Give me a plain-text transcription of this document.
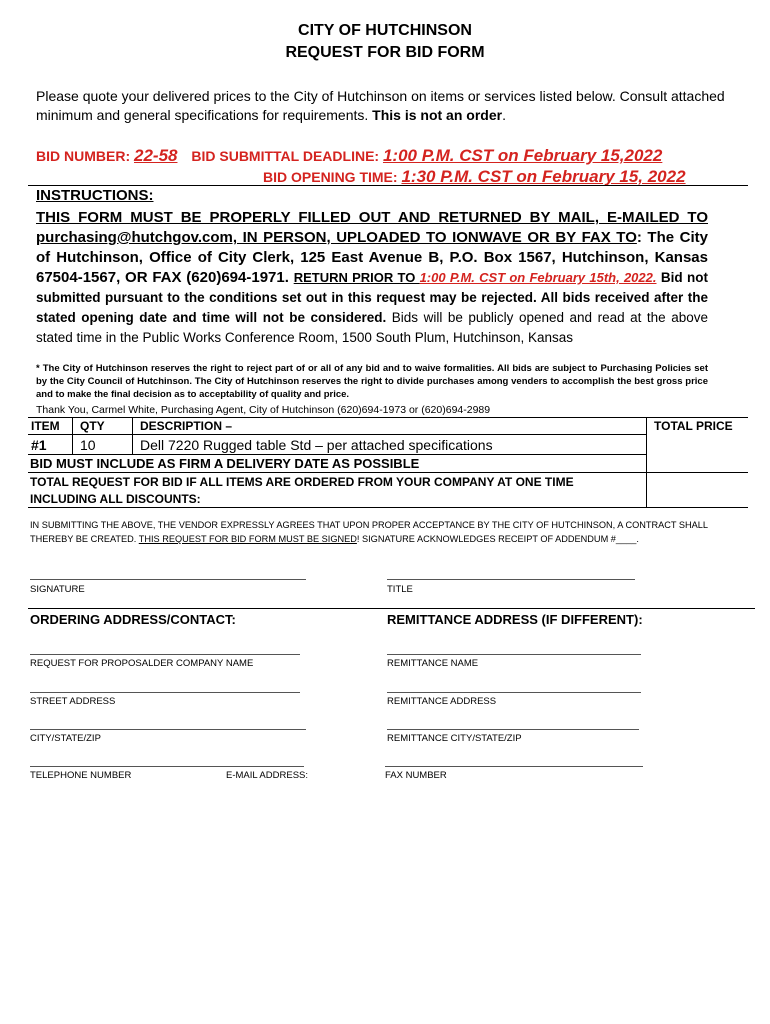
CITY OF HUTCHINSON
REQUEST FOR BID FORM
Please quote your delivered prices to the City of Hutchinson on items or services listed below. Consult attached minimum and general specifications for requirements. This is not an order.
BID NUMBER: 22-58 BID SUBMITTAL DEADLINE: 1:00 P.M. CST on February 15,2022
BID OPENING TIME: 1:30 P.M. CST on February 15, 2022
INSTRUCTIONS:
THIS FORM MUST BE PROPERLY FILLED OUT AND RETURNED BY MAIL, E-MAILED TO purchasing@hutchgov.com, IN PERSON, UPLOADED TO IONWAVE OR BY FAX TO: The City of Hutchinson, Office of City Clerk, 125 East Avenue B, P.O. Box 1567, Hutchinson, Kansas 67504-1567, OR FAX (620)694-1971. RETURN PRIOR TO 1:00 P.M. CST on February 15th, 2022. Bid not submitted pursuant to the conditions set out in this request may be rejected. All bids received after the stated opening date and time will not be considered. Bids will be publicly opened and read at the above stated time in the Public Works Conference Room, 1500 South Plum, Hutchinson, Kansas
* The City of Hutchinson reserves the right to reject part of or all of any bid and to waive formalities. All bids are subject to Purchasing Policies set by the City Council of Hutchinson. The City of Hutchinson reserves the right to divide purchases among venders to accomplish the best gross price and to make the final decision as to acceptability of quality and price.
Thank You, Carmel White, Purchasing Agent, City of Hutchinson (620)694-1973 or (620)694-2989
ITEM QTY	DESCRIPTION –	TOTAL PRICE
#1 10	Dell 7220 Rugged table Std – per attached specifications
BID MUST INCLUDE AS FIRM A DELIVERY DATE AS POSSIBLE
TOTAL REQUEST FOR BID IF ALL ITEMS ARE ORDERED FROM YOUR COMPANY AT ONE TIME
INCLUDING ALL DISCOUNTS:
IN SUBMITTING THE ABOVE, THE VENDOR EXPRESSLY AGREES THAT UPON PROPER ACCEPTANCE BY THE CITY OF HUTCHINSON, A CONTRACT SHALL
THEREBY BE CREATED. THIS REQUEST FOR BID FORM MUST BE SIGNED! SIGNATURE ACKNOWLEDGES RECEIPT OF ADDENDUM #____.
SIGNATURE	TITLE
ORDERING ADDRESS/CONTACT:	REMITTANCE ADDRESS (IF DIFFERENT):
REQUEST FOR PROPOSALDER COMPANY NAME
STREET ADDRESS
CITY/STATE/ZIP
TELEPHONE NUMBER	E-MAIL ADDRESS:
REMITTANCE NAME
REMITTANCE ADDRESS
REMITTANCE CITY/STATE/ZIP
FAX NUMBER
